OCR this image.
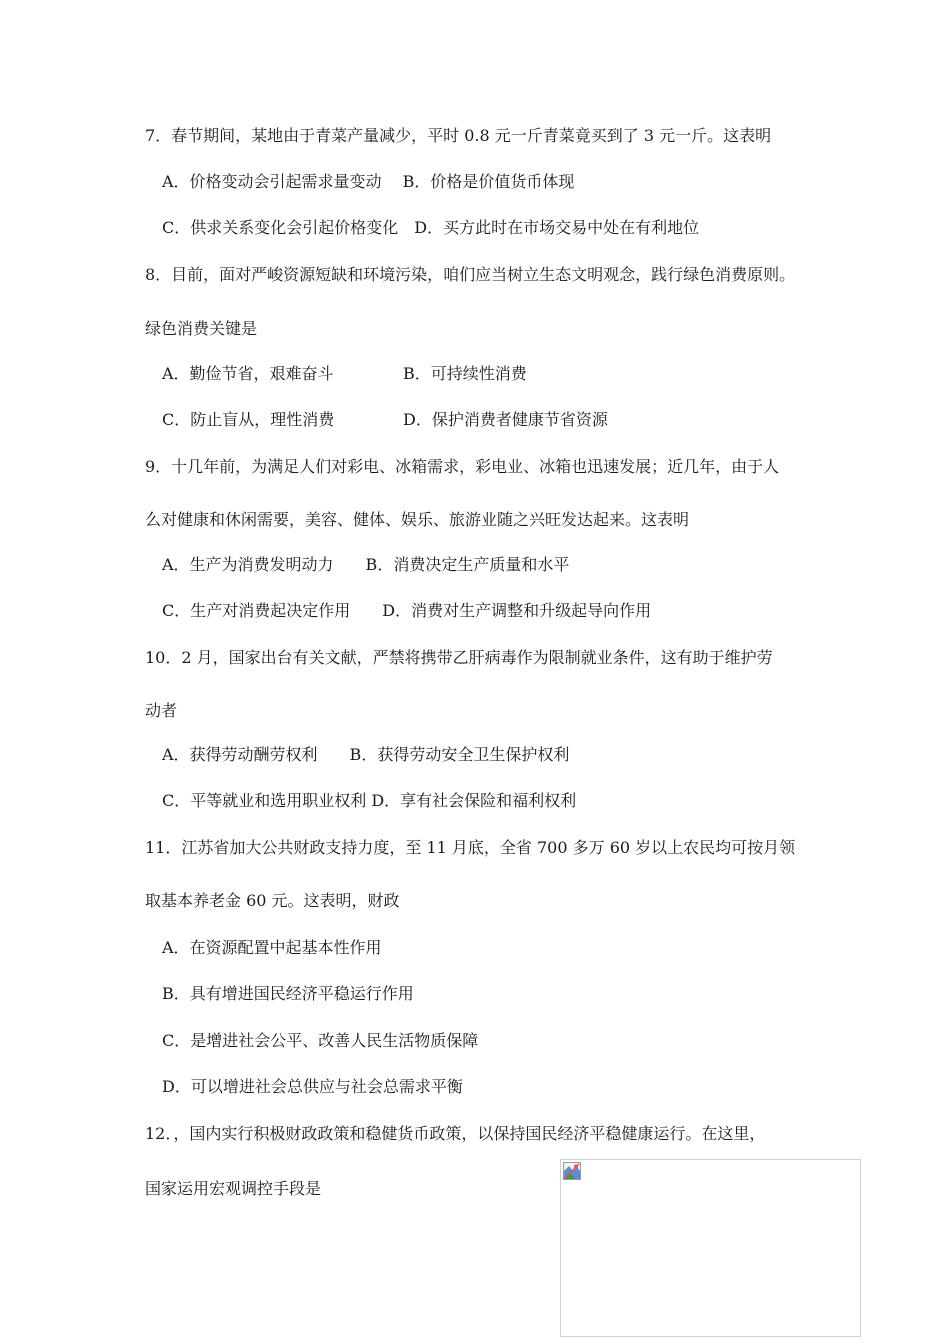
7．春节期间，某地由于青菜产量减少，平时 0.8 元一斤青菜竟买到了 3 元一斤。这表明
A．价格变动会引起需求量变动　 B．价格是价值货币体现
C．供求关系变化会引起价格变化　D．买方此时在市场交易中处在有利地位
8．目前，面对严峻资源短缺和环境污染，咱们应当树立生态文明观念，践行绿色消费原则。
绿色消费关键是
A．勤俭节省，艰难奋斗	B．可持续性消费
C．防止盲从，理性消费	D．保护消费者健康节省资源
9．十几年前，为满足人们对彩电、冰箱需求，彩电业、冰箱也迅速发展；近几年，由于人
么对健康和休闲需要，美容、健体、娱乐、旅游业随之兴旺发达起来。这表明
A．生产为消费发明动力　　B．消费决定生产质量和水平
C．生产对消费起决定作用　　D．消费对生产调整和升级起导向作用
10．2 月，国家出台有关文献，严禁将携带乙肝病毒作为限制就业条件，这有助于维护劳
动者
A．获得劳动酬劳权利　　B．获得劳动安全卫生保护权利
C．平等就业和选用职业权利 D．享有社会保险和福利权利
11．江苏省加大公共财政支持力度，至 11 月底，全省 700 多万 60 岁以上农民均可按月领
取基本养老金 60 元。这表明，财政
A．在资源配置中起基本性作用
B．具有增进国民经济平稳运行作用
C．是增进社会公平、改善人民生活物质保障
D．可以增进社会总供应与社会总需求平衡
12．，国内实行积极财政政策和稳健货币政策，以保持国民经济平稳健康运行。在这里，
国家运用宏观调控手段是
